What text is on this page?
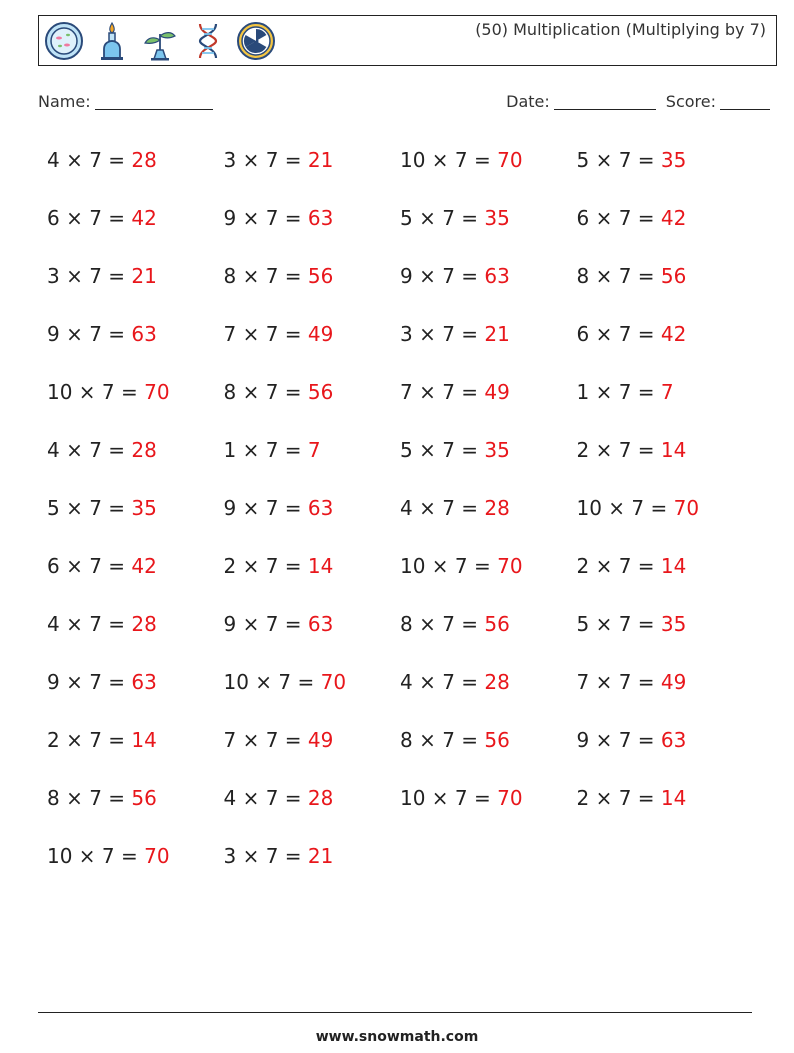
(50) Multiplication (Multiplying by 7)
Name:	Date:	Score:
4 × 7 = 28	3 × 7 = 21	10 × 7 = 70	5 × 7 = 35
6 × 7 = 42	9 × 7 = 63	5 × 7 = 35	6 × 7 = 42
3 × 7 = 21	8 × 7 = 56	9 × 7 = 63	8 × 7 = 56
9 × 7 = 63	7 × 7 = 49	3 × 7 = 21	6 × 7 = 42
10 × 7 = 70	8 × 7 = 56	7 × 7 = 49	1 × 7 = 7
4 × 7 = 28	1 × 7 = 7	5 × 7 = 35	2 × 7 = 14
5 × 7 = 35	9 × 7 = 63	4 × 7 = 28	10 × 7 = 70
6 × 7 = 42	2 × 7 = 14	10 × 7 = 70	2 × 7 = 14
4 × 7 = 28	9 × 7 = 63	8 × 7 = 56	5 × 7 = 35
9 × 7 = 63	10 × 7 = 70	4 × 7 = 28	7 × 7 = 49
2 × 7 = 14	7 × 7 = 49	8 × 7 = 56	9 × 7 = 63
8 × 7 = 56	4 × 7 = 28	10 × 7 = 70	2 × 7 = 14
10 × 7 = 70	3 × 7 = 21
www.snowmath.com
